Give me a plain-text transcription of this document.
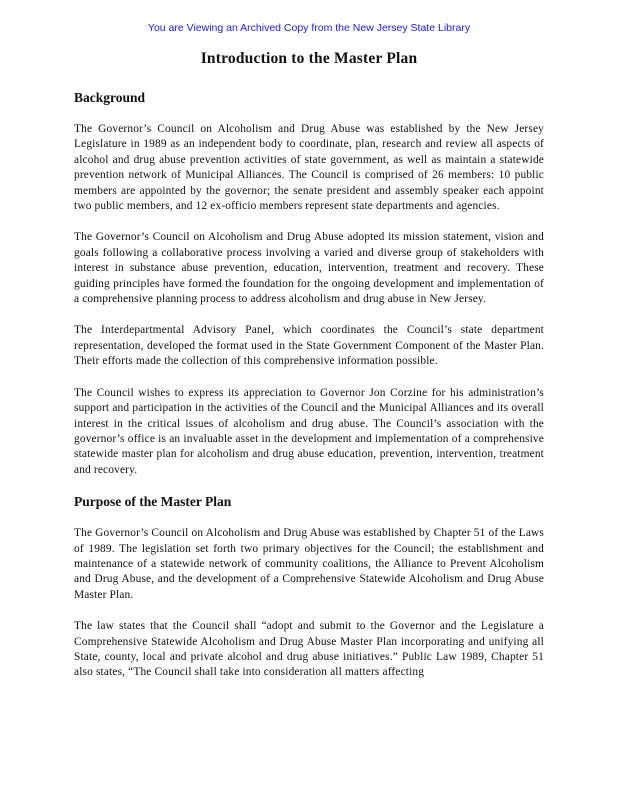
You are Viewing an Archived Copy from the New Jersey State Library
Introduction to the Master Plan
Background

The Governor’s Council on Alcoholism and Drug Abuse was established by the New Jersey Legislature in 1989 as an independent body to coordinate, plan, research and review all aspects of alcohol and drug abuse prevention activities of state government, as well as maintain a statewide prevention network of Municipal Alliances. The Council is comprised of 26 members: 10 public members are appointed by the governor; the senate president and assembly speaker each appoint two public members, and 12 ex-officio members represent state departments and agencies.

The Governor’s Council on Alcoholism and Drug Abuse adopted its mission statement, vision and goals following a collaborative process involving a varied and diverse group of stakeholders with interest in substance abuse prevention, education, intervention, treatment and recovery. These guiding principles have formed the foundation for the ongoing development and implementation of a comprehensive planning process to address alcoholism and drug abuse in New Jersey.

The Interdepartmental Advisory Panel, which coordinates the Council’s state department representation, developed the format used in the State Government Component of the Master Plan. Their efforts made the collection of this comprehensive information possible.

The Council wishes to express its appreciation to Governor Jon Corzine for his administration’s support and participation in the activities of the Council and the Municipal Alliances and its overall interest in the critical issues of alcoholism and drug abuse. The Council’s association with the governor’s office is an invaluable asset in the development and implementation of a comprehensive statewide master plan for alcoholism and drug abuse education, prevention, intervention, treatment and recovery.

Purpose of the Master Plan

The Governor’s Council on Alcoholism and Drug Abuse was established by Chapter 51 of the Laws of 1989. The legislation set forth two primary objectives for the Council; the establishment and maintenance of a statewide network of community coalitions, the Alliance to Prevent Alcoholism and Drug Abuse, and the development of a Comprehensive Statewide Alcoholism and Drug Abuse Master Plan.

The law states that the Council shall “adopt and submit to the Governor and the Legislature a Comprehensive Statewide Alcoholism and Drug Abuse Master Plan incorporating and unifying all State, county, local and private alcohol and drug abuse initiatives.” Public Law 1989, Chapter 51 also states, “The Council shall take into consideration all matters affecting
